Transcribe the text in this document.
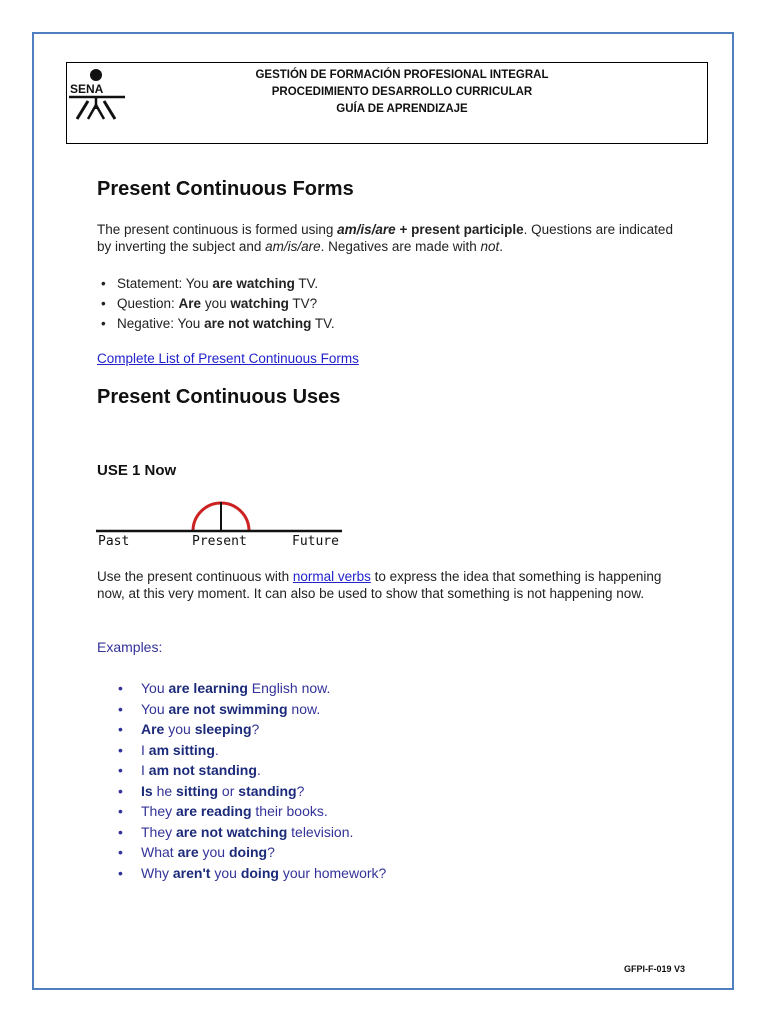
SENA
GESTIÓN DE FORMACIÓN PROFESIONAL INTEGRAL
PROCEDIMIENTO DESARROLLO CURRICULAR
GUÍA DE APRENDIZAJE
Present Continuous Forms
The present continuous is formed using am/is/are + present participle. Questions are indicated by inverting the subject and am/is/are. Negatives are made with not.
• Statement: You are watching TV.
• Question: Are you watching TV?
• Negative: You are not watching TV.
Complete List of Present Continuous Forms
Present Continuous Uses
USE 1 Now
Past	Present	Future
Use the present continuous with normal verbs to express the idea that something is happening now, at this very moment. It can also be used to show that something is not happening now.
Examples:
• You are learning English now.
• You are not swimming now.
• Are you sleeping?
• I am sitting.
• I am not standing.
• Is he sitting or standing?
• They are reading their books.
• They are not watching television.
• What are you doing?
• Why aren't you doing your homework?
GFPI-F-019 V3
